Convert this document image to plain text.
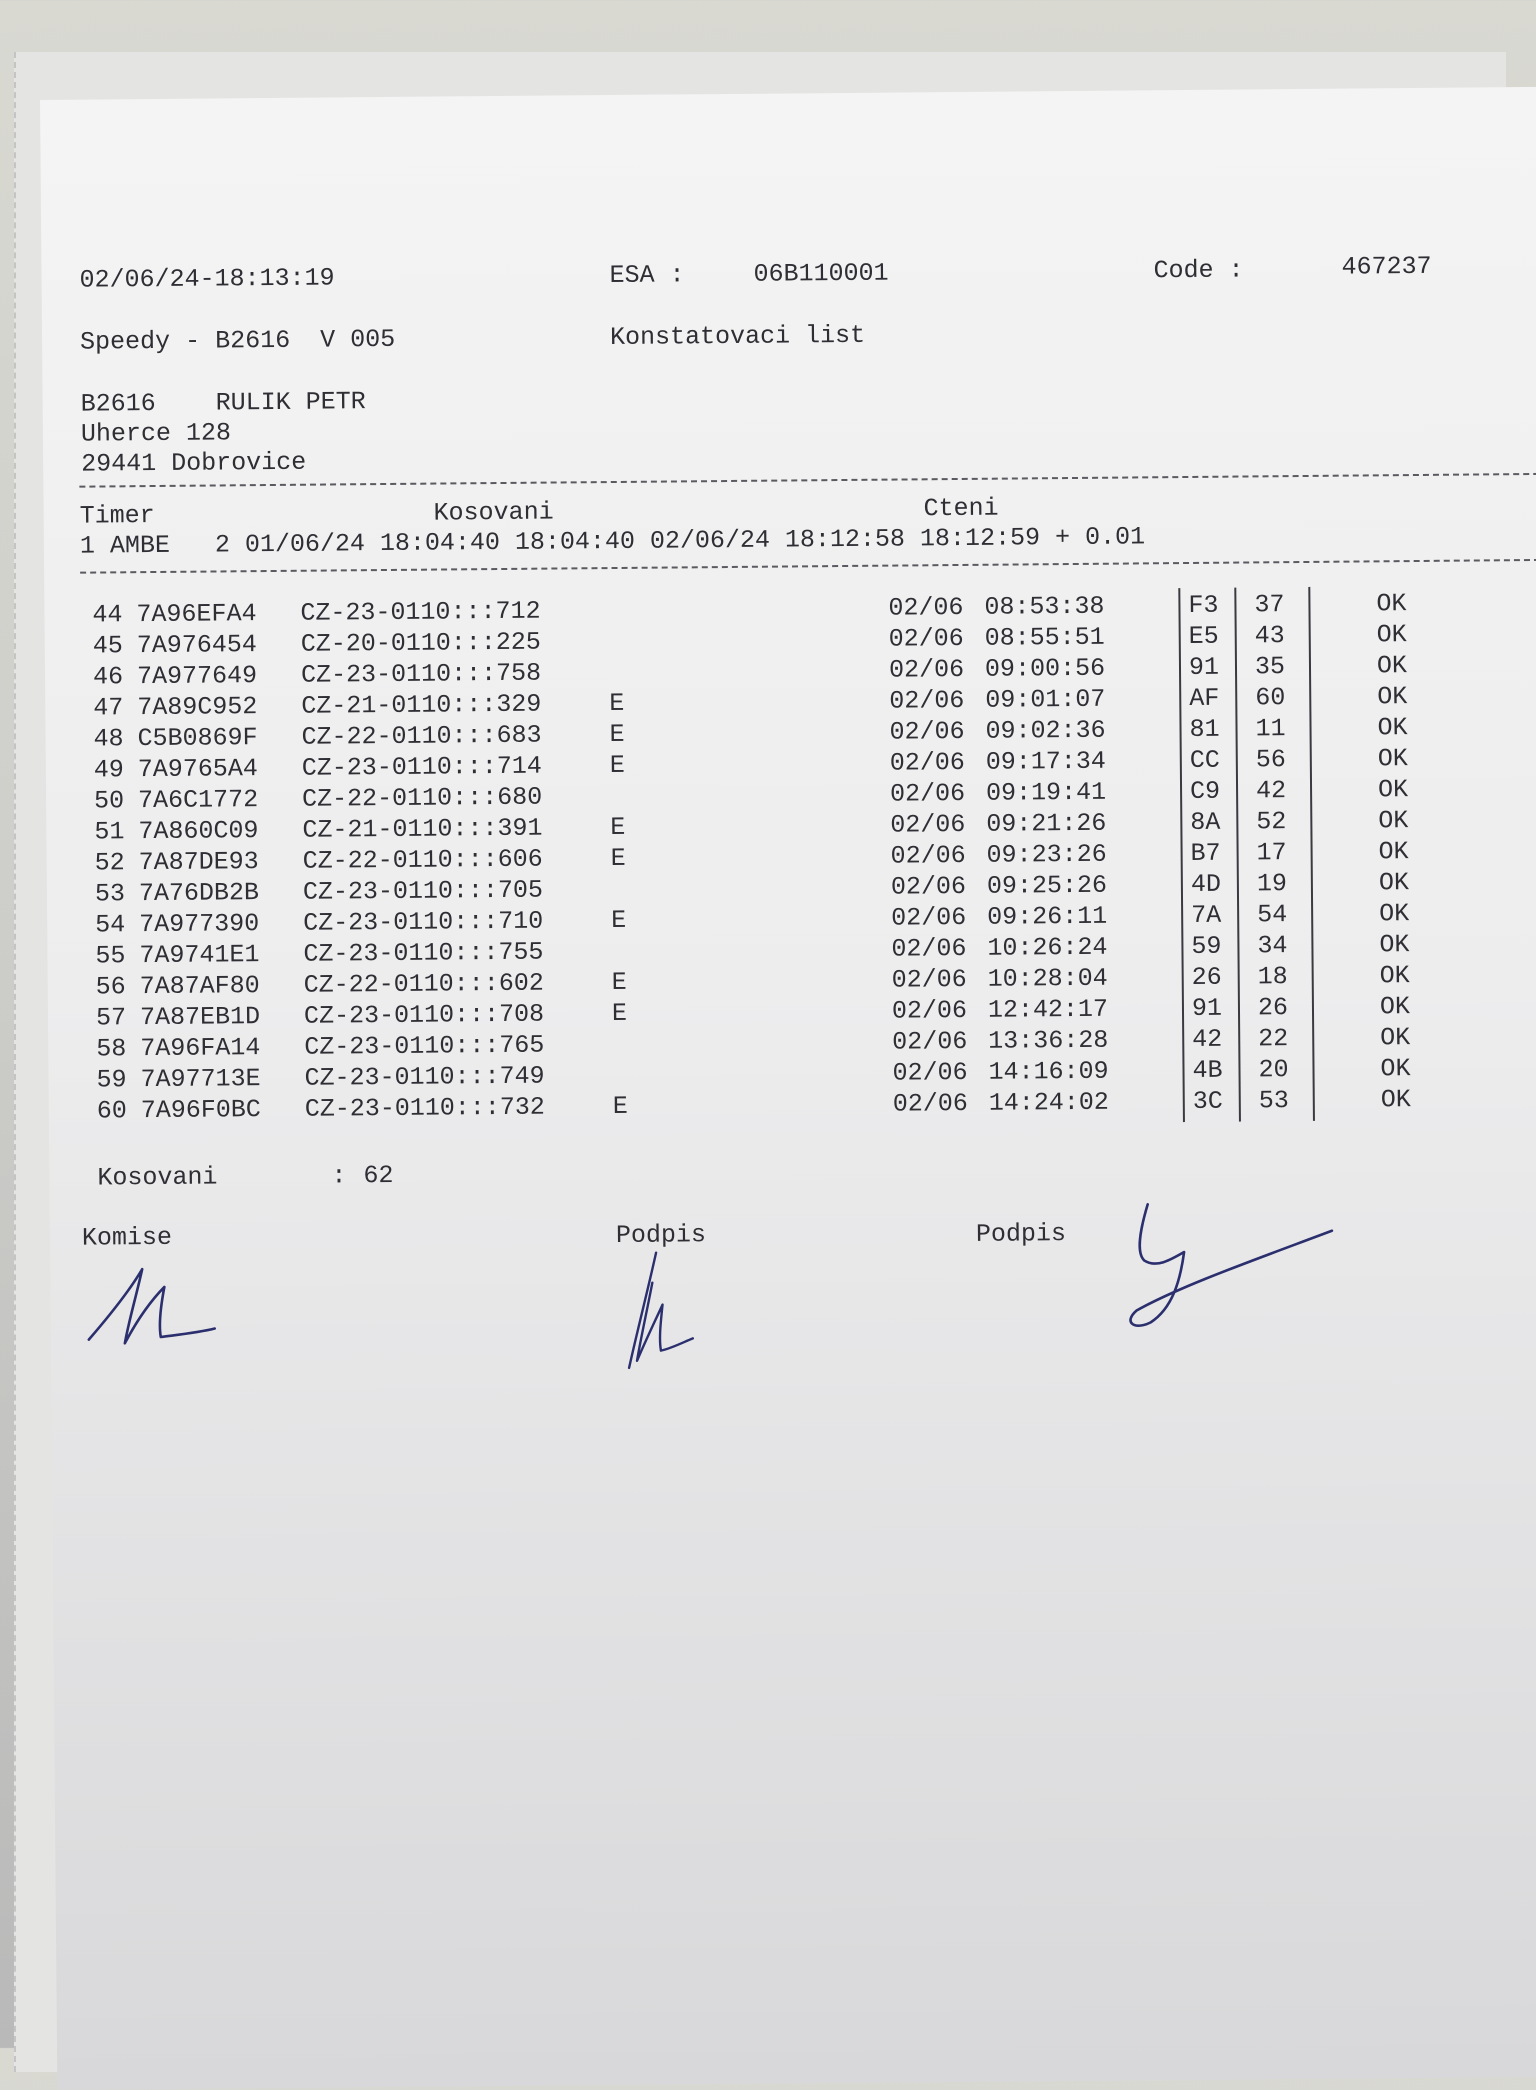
02/06/24-18:13:19	ESA :	06B110001	Code :	467237
Speedy - B2616  V 005	Konstatovaci list
B2616    RULIK PETR
Uherce 128
29441 Dobrovice
Timer	Kosovani	Cteni
1 AMBE   2 01/06/24 18:04:40 18:04:40 02/06/24 18:12:58 18:12:59 + 0.01
44 7A96EFA4 CZ-23-0110:::712	02/06 08:53:38	F3 37	OK
45 7A976454 CZ-20-0110:::225	02/06 08:55:51	E5 43	OK
46 7A977649 CZ-23-0110:::758	02/06 09:00:56	91 35	OK
47 7A89C952 CZ-21-0110:::329	E	02/06 09:01:07	AF 60	OK
48 C5B0869F CZ-22-0110:::683	E	02/06 09:02:36	81 11	OK
49 7A9765A4 CZ-23-0110:::714	E	02/06 09:17:34	CC 56	OK
50 7A6C1772 CZ-22-0110:::680	02/06 09:19:41	C9 42	OK
51 7A860C09 CZ-21-0110:::391	E	02/06 09:21:26	8A 52	OK
52 7A87DE93 CZ-22-0110:::606	E	02/06 09:23:26	B7 17	OK
53 7A76DB2B CZ-23-0110:::705	02/06 09:25:26	4D 19	OK
54 7A977390 CZ-23-0110:::710	E	02/06 09:26:11	7A 54	OK
55 7A9741E1 CZ-23-0110:::755	02/06 10:26:24	59 34	OK
56 7A87AF80 CZ-22-0110:::602	E	02/06 10:28:04	26 18	OK
57 7A87EB1D CZ-23-0110:::708	E	02/06 12:42:17	91 26	OK
58 7A96FA14 CZ-23-0110:::765	02/06 13:36:28	42 22	OK
59 7A97713E CZ-23-0110:::749	02/06 14:16:09	4B 20	OK
60 7A96F0BC CZ-23-0110:::732	E	02/06 14:24:02	3C 53	OK
Kosovani	: 62
Komise	Podpis	Podpis
